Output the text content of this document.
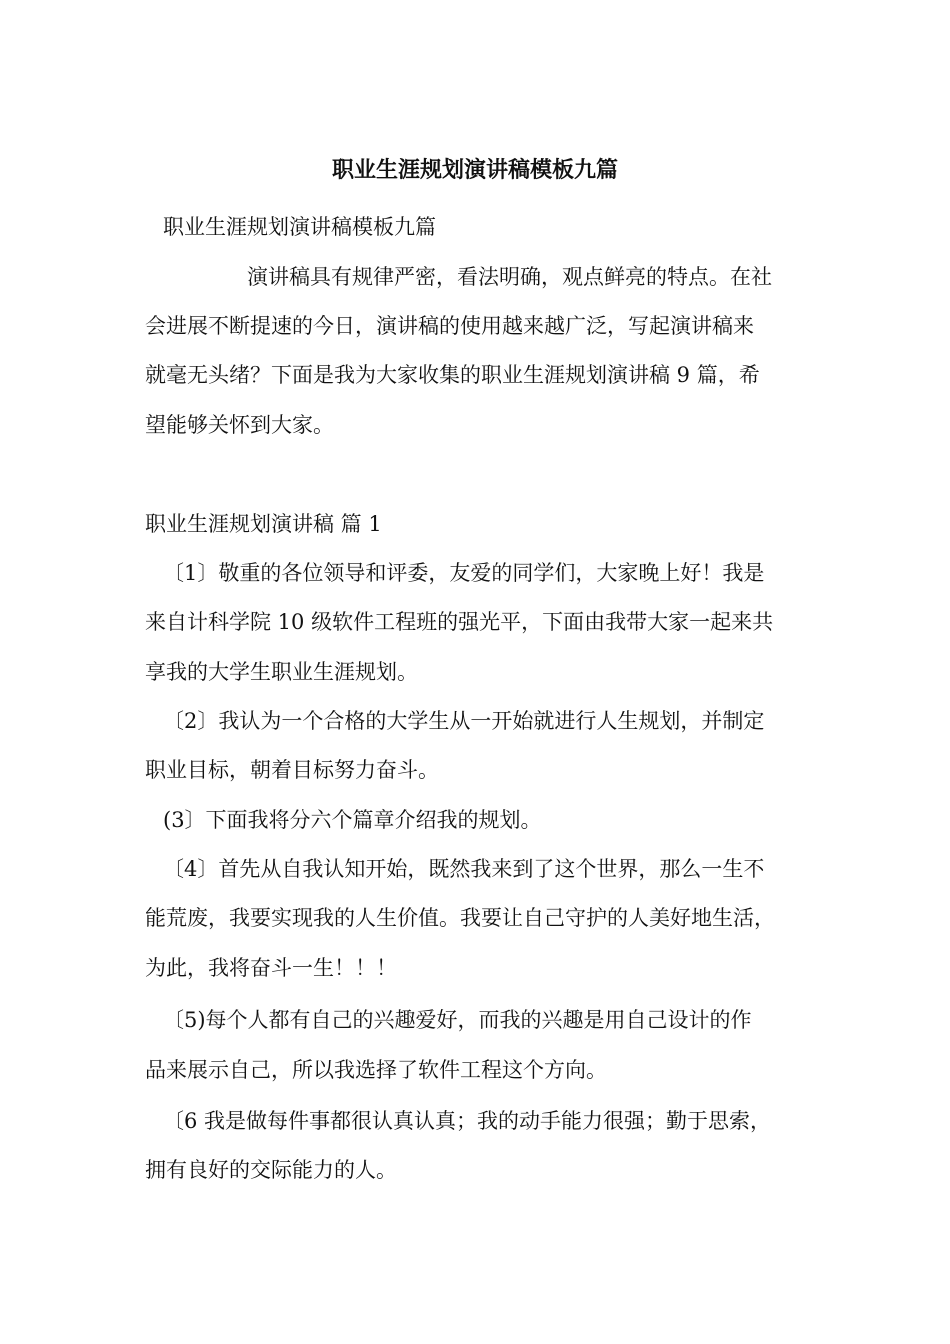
职业生涯规划演讲稿模板九篇
职业生涯规划演讲稿模板九篇
演讲稿具有规律严密，看法明确，观点鲜亮的特点。在社
会进展不断提速的今日，演讲稿的使用越来越广泛，写起演讲稿来
就毫无头绪？下面是我为大家收集的职业生涯规划演讲稿 9 篇，希
望能够关怀到大家。
职业生涯规划演讲稿 篇 1
〔1〕敬重的各位领导和评委，友爱的同学们，大家晚上好！我是
来自计科学院 10 级软件工程班的强光平，下面由我带大家一起来共
享我的大学生职业生涯规划。
〔2〕我认为一个合格的大学生从一开始就进行人生规划，并制定
职业目标，朝着目标努力奋斗。
(3〕下面我将分六个篇章介绍我的规划。
〔4〕首先从自我认知开始，既然我来到了这个世界，那么一生不
能荒废，我要实现我的人生价值。我要让自己守护的人美好地生活，
为此，我将奋斗一生！！！
〔5)每个人都有自己的兴趣爱好，而我的兴趣是用自己设计的作
品来展示自己，所以我选择了软件工程这个方向。
〔6 我是做每件事都很认真认真；我的动手能力很强；勤于思索，
拥有良好的交际能力的人。
